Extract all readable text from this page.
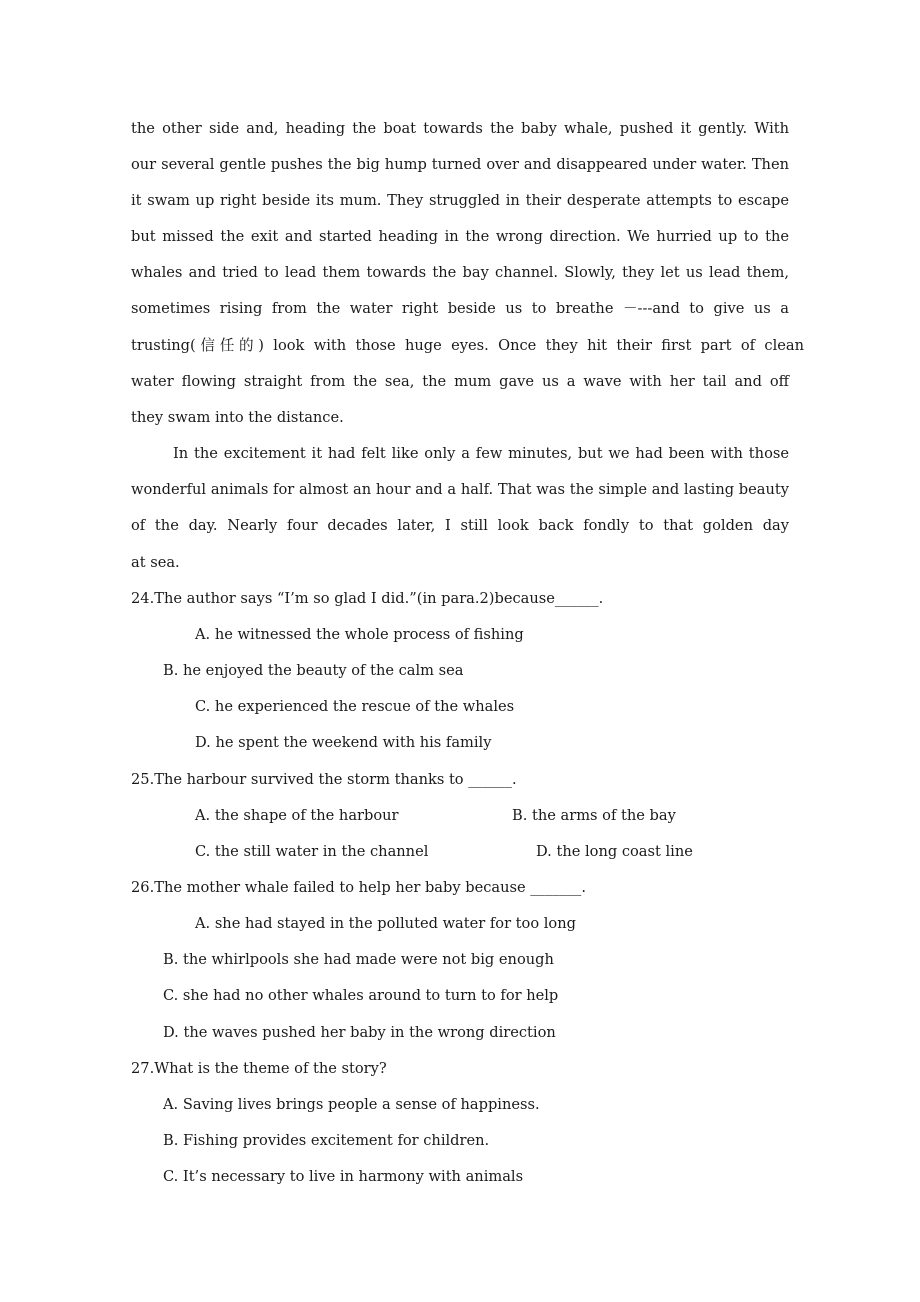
the other side and, heading the boat towards the baby whale, pushed it gently. With

our several gentle pushes the big hump turned over and disappeared under water. Then

it swam up right beside its mum. They struggled in their desperate attempts to escape

but missed the exit and started heading in the wrong direction. We hurried up to the

whales and tried to lead them towards the bay channel. Slowly, they let us lead them,

sometimes rising from the water right beside us to breathe －---and to give us a

trusting(信任的) look with those huge eyes. Once they hit their first part of clean

water flowing straight from the sea, the mum gave us a wave with her tail and off

they swam into the distance.

In the excitement it had felt like only a few minutes, but we had been with those

wonderful animals for almost an hour and a half. That was the simple and lasting beauty

of the day. Nearly four decades later, I still look back fondly to that golden day

at sea.

24.The author says “I’m so glad I did.”(in para.2)because______.

A. he witnessed the whole process of fishing

B. he enjoyed the beauty of the calm sea

C. he experienced the rescue of the whales

D. he spent the weekend with his family

25.The harbour survived the storm thanks to ______.

A. the shape of the harbour	B. the arms of the bay

C. the still water in the channel	D. the long coast line

26.The mother whale failed to help her baby because _______.

A. she had stayed in the polluted water for too long

B. the whirlpools she had made were not big enough

C. she had no other whales around to turn to for help

D. the waves pushed her baby in the wrong direction

27.What is the theme of the story?

A. Saving lives brings people a sense of happiness.

B. Fishing provides excitement for children.

C. It’s necessary to live in harmony with animals
